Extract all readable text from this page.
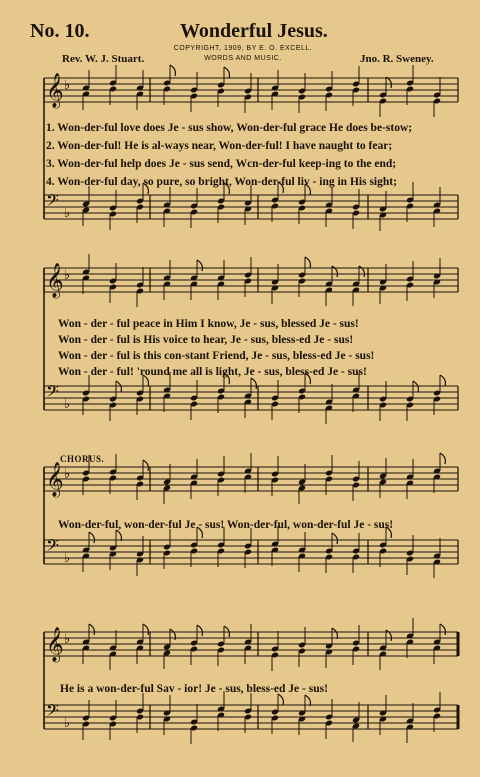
No. 10.	Wonderful Jesus.
Rev. W. J. Stuart.
COPYRIGHT, 1909, BY E. O. EXCELL.
WORDS AND MUSIC.	Jno. R. Sweney.
𝄞 ♭
𝄢 ♭
𝄞 ♭
𝄢 ♭
𝄞 ♭
𝄢 ♭
𝄞 ♭
𝄢 ♭
1. Won-der-ful love does Je - sus show, Won-der-ful grace He does be-stow;
2. Won-der-ful! He is al-ways near, Won-der-ful! I have naught to fear;
3. Won-der-ful help does Je - sus send, Wcn-der-ful keep-ing to the end;
4. Won-der-ful day, so pure, so bright, Won-der-ful liv - ing in His sight;
Won - der - ful peace in Him I know, Je - sus, blessed Je - sus!
Won - der - ful is His voice to hear, Je - sus, bless-ed Je - sus!
Won - der - ful is this con-stant Friend, Je - sus, bless-ed Je - sus!
Won - der - ful! 'round me all is light, Je - sus, bless-ed Je - sus!
CHORUS.
Won-der-ful, won-der-ful Je - sus! Won-der-ful, won-der-ful Je - sus!
He is a won-der-ful Sav - ior! Je - sus, bless-ed Je - sus!
